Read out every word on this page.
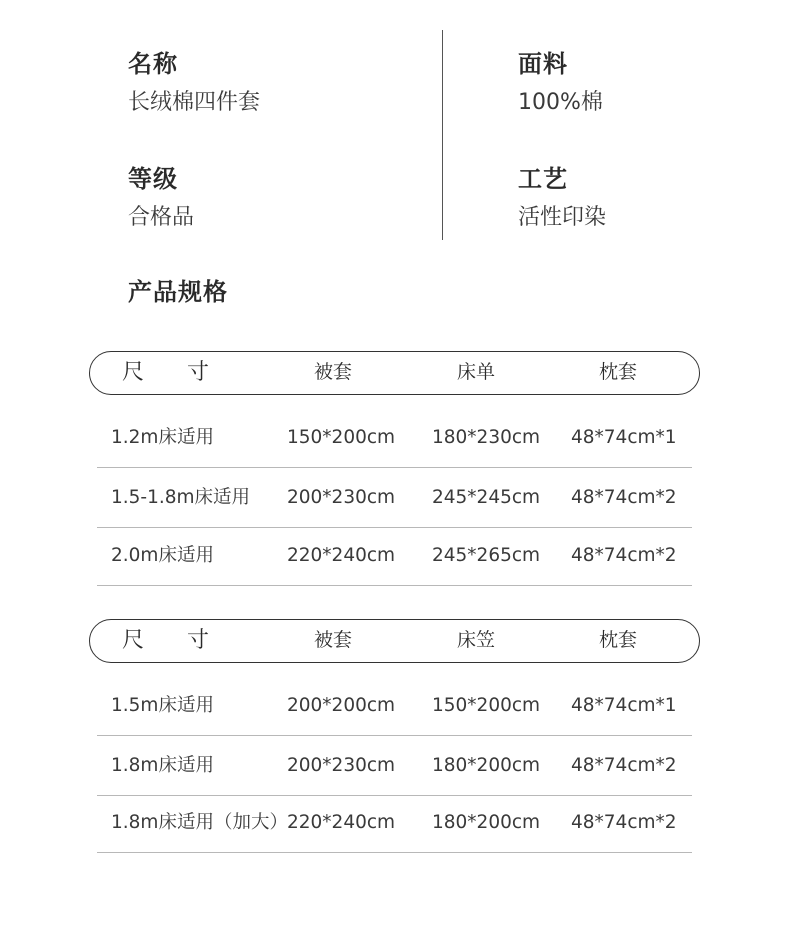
名称
长绒棉四件套
面料
100%棉
等级
合格品
工艺
活性印染
产品规格
尺 寸	被套	床单	枕套
1.2m床适用	150*200cm 180*230cm 48*74cm*1
1.5-1.8m床适用 200*230cm 245*245cm 48*74cm*2
2.0m床适用	220*240cm 245*265cm 48*74cm*2
尺 寸	被套	床笠	枕套
1.5m床适用	200*200cm 150*200cm 48*74cm*1
1.8m床适用	200*230cm 180*200cm 48*74cm*2
1.8m床适用（加大） 220*240cm 180*200cm 48*74cm*2
